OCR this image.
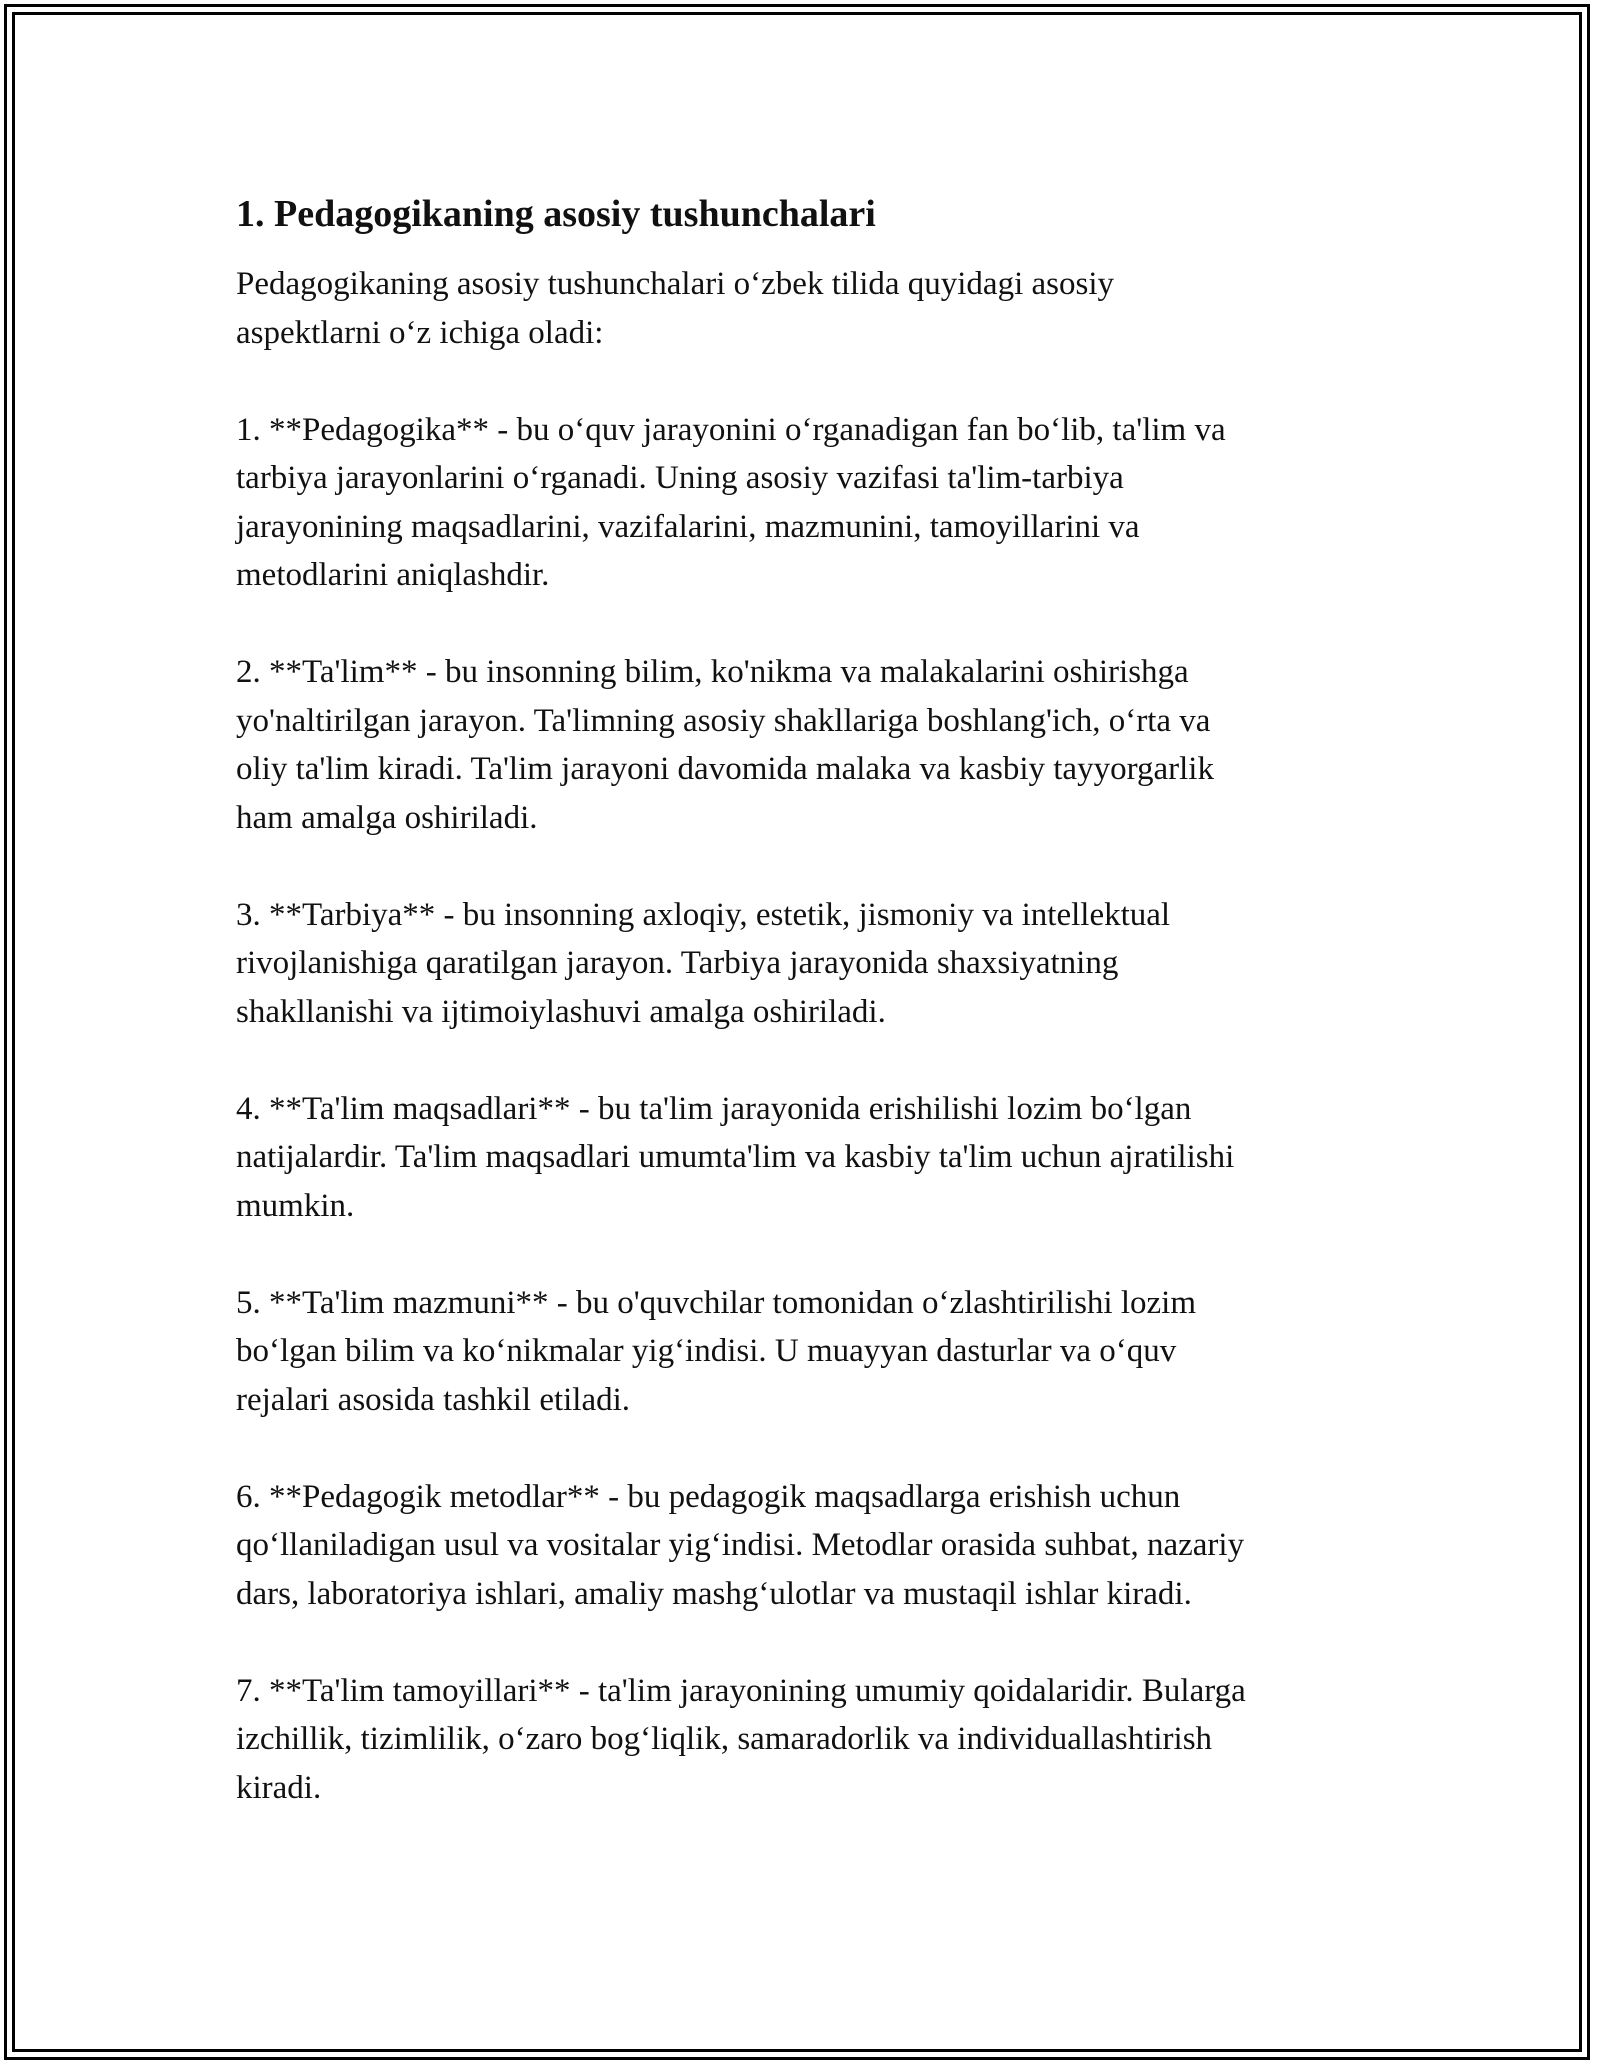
1. Pedagogikaning asosiy tushunchalari

Pedagogikaning asosiy tushunchalari o‘zbek tilida quyidagi asosiy
aspektlarni o‘z ichiga oladi:

1. **Pedagogika** - bu o‘quv jarayonini o‘rganadigan fan bo‘lib, ta'lim va
tarbiya jarayonlarini o‘rganadi. Uning asosiy vazifasi ta'lim-tarbiya
jarayonining maqsadlarini, vazifalarini, mazmunini, tamoyillarini va
metodlarini aniqlashdir.

2. **Ta'lim** - bu insonning bilim, ko'nikma va malakalarini oshirishga
yo'naltirilgan jarayon. Ta'limning asosiy shakllariga boshlang'ich, o‘rta va
oliy ta'lim kiradi. Ta'lim jarayoni davomida malaka va kasbiy tayyorgarlik
ham amalga oshiriladi.

3. **Tarbiya** - bu insonning axloqiy, estetik, jismoniy va intellektual
rivojlanishiga qaratilgan jarayon. Tarbiya jarayonida shaxsiyatning
shakllanishi va ijtimoiylashuvi amalga oshiriladi.

4. **Ta'lim maqsadlari** - bu ta'lim jarayonida erishilishi lozim bo‘lgan
natijalardir. Ta'lim maqsadlari umumta'lim va kasbiy ta'lim uchun ajratilishi
mumkin.

5. **Ta'lim mazmuni** - bu o'quvchilar tomonidan o‘zlashtirilishi lozim
bo‘lgan bilim va ko‘nikmalar yig‘indisi. U muayyan dasturlar va o‘quv
rejalari asosida tashkil etiladi.

6. **Pedagogik metodlar** - bu pedagogik maqsadlarga erishish uchun
qo‘llaniladigan usul va vositalar yig‘indisi. Metodlar orasida suhbat, nazariy
dars, laboratoriya ishlari, amaliy mashg‘ulotlar va mustaqil ishlar kiradi.

7. **Ta'lim tamoyillari** - ta'lim jarayonining umumiy qoidalaridir. Bularga
izchillik, tizimlilik, o‘zaro bog‘liqlik, samaradorlik va individuallashtirish
kiradi.
